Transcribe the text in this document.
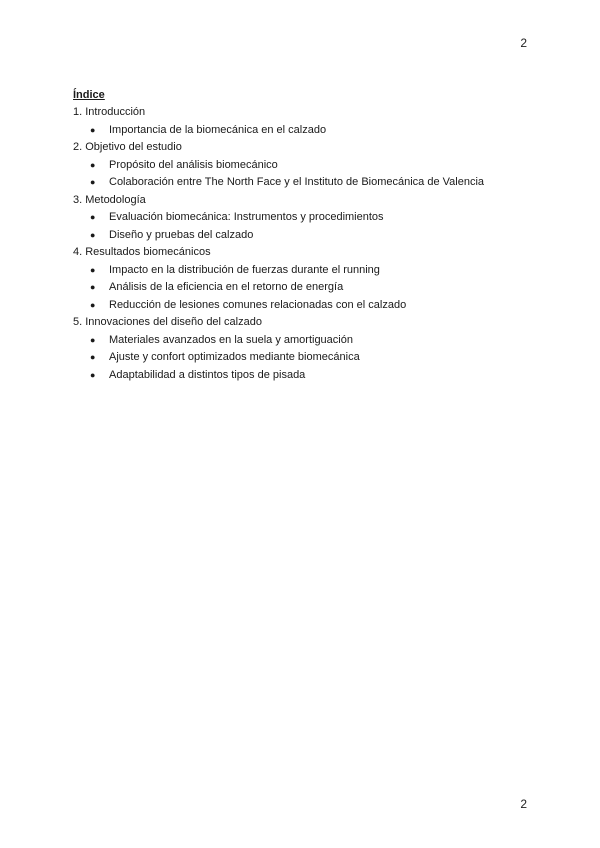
2
Índice
1. Introducción
● Importancia de la biomecánica en el calzado
2. Objetivo del estudio
● Propósito del análisis biomecánico
● Colaboración entre The North Face y el Instituto de Biomecánica de Valencia
3. Metodología
● Evaluación biomecánica: Instrumentos y procedimientos
● Diseño y pruebas del calzado
4. Resultados biomecánicos
● Impacto en la distribución de fuerzas durante el running
● Análisis de la eficiencia en el retorno de energía
● Reducción de lesiones comunes relacionadas con el calzado
5. Innovaciones del diseño del calzado
● Materiales avanzados en la suela y amortiguación
● Ajuste y confort optimizados mediante biomecánica
● Adaptabilidad a distintos tipos de pisada
2
